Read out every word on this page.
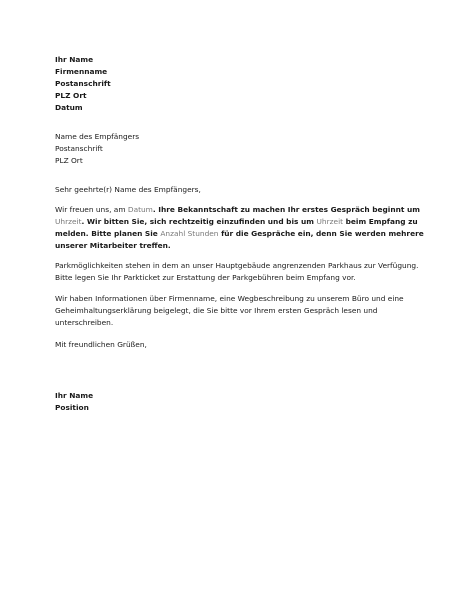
Ihr Name
Firmenname
Postanschrift
PLZ Ort
Datum
Name des Empfängers
Postanschrift
PLZ Ort
Sehr geehrte(r) Name des Empfängers,
Wir freuen uns, am Datum. Ihre Bekanntschaft zu machen Ihr erstes Gespräch beginnt um Uhrzeit. Wir bitten Sie, sich rechtzeitig einzufinden und bis um Uhrzeit beim Empfang zu melden. Bitte planen Sie Anzahl Stunden für die Gespräche ein, denn Sie werden mehrere unserer Mitarbeiter treffen.
Parkmöglichkeiten stehen in dem an unser Hauptgebäude angrenzenden Parkhaus zur Verfügung. Bitte legen Sie Ihr Parkticket zur Erstattung der Parkgebühren beim Empfang vor.
Wir haben Informationen über Firmenname, eine Wegbeschreibung zu unserem Büro und eine Geheimhaltungserklärung beigelegt, die Sie bitte vor Ihrem ersten Gespräch lesen und unterschreiben.
Mit freundlichen Grüßen,
Ihr Name
Position
